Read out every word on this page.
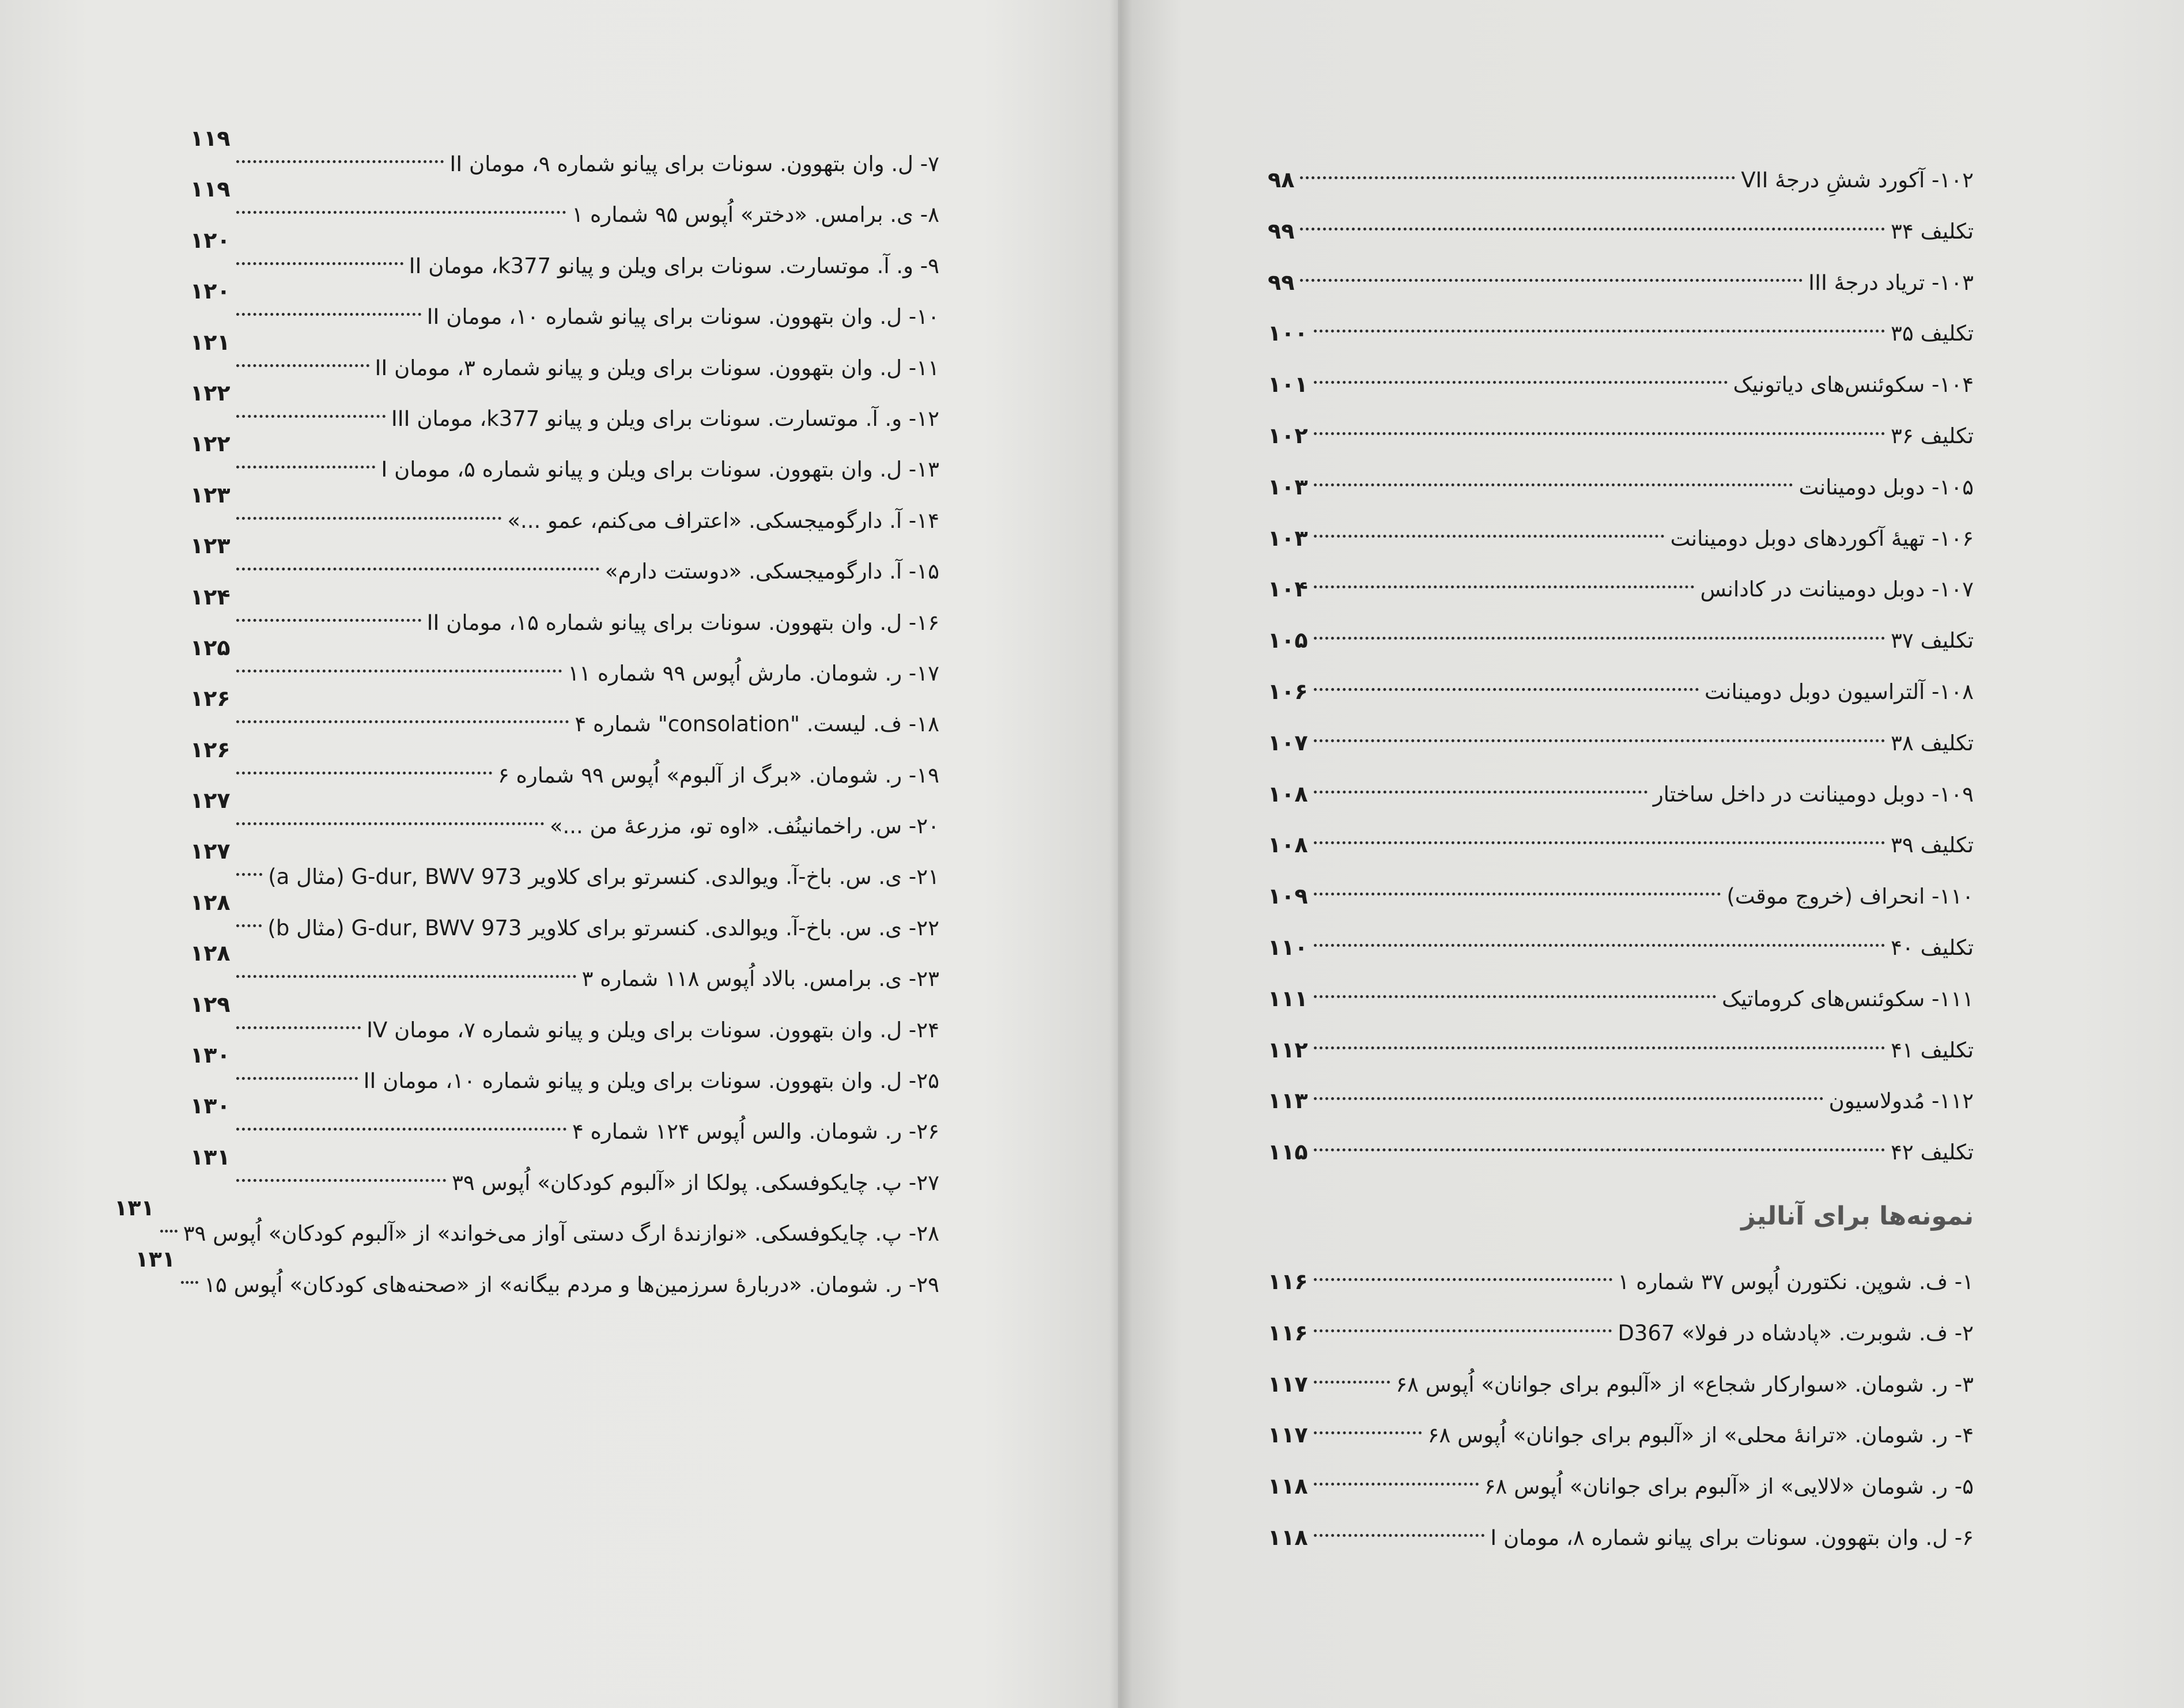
۷- ل. وان بتهوون. سونات برای پیانو شماره ۹، مومان II
۱۱۹
۸- ی. برامس. «دختر» اُپوس ۹۵ شماره ۱
۱۱۹
۹- و. آ. موتسارت. سونات برای ویلن و پیانو k377، مومان II
۱۲۰
۱۰- ل. وان بتهوون. سونات برای پیانو شماره ۱۰، مومان II
۱۲۰
۱۱- ل. وان بتهوون. سونات برای ویلن و پیانو شماره ۳، مومان II
۱۲۱
۱۲- و. آ. موتسارت. سونات برای ویلن و پیانو k377، مومان III
۱۲۲
۱۳- ل. وان بتهوون. سونات برای ویلن و پیانو شماره ۵، مومان I
۱۲۲
۱۴- آ. دارگومیجسکی. «اعتراف می‌کنم، عمو ...»
۱۲۳
۱۵- آ. دارگومیجسکی. «دوستت دارم»
۱۲۳
۱۶- ل. وان بتهوون. سونات برای پیانو شماره ۱۵، مومان II
۱۲۴
۱۷- ر. شومان. مارش اُپوس ۹۹ شماره ۱۱
۱۲۵
۱۸- ف. لیست. "consolation" شماره ۴
۱۲۶
۱۹- ر. شومان. «برگ از آلبوم» اُپوس ۹۹ شماره ۶
۱۲۶
۲۰- س. راخمانینُف. «اوه تو، مزرعهٔ من ...»
۱۲۷
۲۱- ی. س. باخ-آ. ویوالدی. کنسرتو برای کلاویر G-dur, BWV 973 (مثال a)
۱۲۷
۲۲- ی. س. باخ-آ. ویوالدی. کنسرتو برای کلاویر G-dur, BWV 973 (مثال b)
۱۲۸
۲۳- ی. برامس. بالاد اُپوس ۱۱۸ شماره ۳
۱۲۸
۲۴- ل. وان بتهوون. سونات برای ویلن و پیانو شماره ۷، مومان IV
۱۲۹
۲۵- ل. وان بتهوون. سونات برای ویلن و پیانو شماره ۱۰، مومان II
۱۳۰
۲۶- ر. شومان. والس اُپوس ۱۲۴ شماره ۴
۱۳۰
۲۷- پ. چایکوفسکی. پولکا از «آلبوم کودکان» اُپوس ۳۹
۱۳۱
۲۸- پ. چایکوفسکی. «نوازندهٔ ارگ دستی آواز می‌خواند» از «آلبوم کودکان» اُپوس ۳۹
۱۳۱
۲۹- ر. شومان. «دربارهٔ سرزمین‌ها و مردم بیگانه» از «صحنه‌های کودکان» اُپوس ۱۵
۱۳۱
۱۰۲- آکورد ششِ درجهٔ VII
۹۸
تکلیف ۳۴
۹۹
۱۰۳- تریاد درجهٔ III
۹۹
تکلیف ۳۵
۱۰۰
۱۰۴- سکوئنس‌های دیاتونیک
۱۰۱
تکلیف ۳۶
۱۰۲
۱۰۵- دوبل دومینانت
۱۰۳
۱۰۶- تهیهٔ آکوردهای دوبل دومینانت
۱۰۳
۱۰۷- دوبل دومینانت در کادانس
۱۰۴
تکلیف ۳۷
۱۰۵
۱۰۸- آلتراسیون دوبل دومینانت
۱۰۶
تکلیف ۳۸
۱۰۷
۱۰۹- دوبل دومینانت در داخل ساختار
۱۰۸
تکلیف ۳۹
۱۰۸
۱۱۰- انحراف (خروج موقت)
۱۰۹
تکلیف ۴۰
۱۱۰
۱۱۱- سکوئنس‌های کروماتیک
۱۱۱
تکلیف ۴۱
۱۱۲
۱۱۲- مُدولاسیون
۱۱۳
تکلیف ۴۲
۱۱۵
نمونه‌ها برای آنالیز
۱- ف. شوپن. نکتورن اُپوس ۳۷ شماره ۱
۱۱۶
۲- ف. شوبرت. «پادشاه در فولا» D367
۱۱۶
۳- ر. شومان. «سوارکار شجاع» از «آلبوم برای جوانان» اُپوس ۶۸
۱۱۷
۴- ر. شومان. «ترانهٔ محلی» از «آلبوم برای جوانان» اُپوس ۶۸
۱۱۷
۵- ر. شومان «لالایی» از «آلبوم برای جوانان» اُپوس ۶۸
۱۱۸
۶- ل. وان بتهوون. سونات برای پیانو شماره ۸، مومان I
۱۱۸
